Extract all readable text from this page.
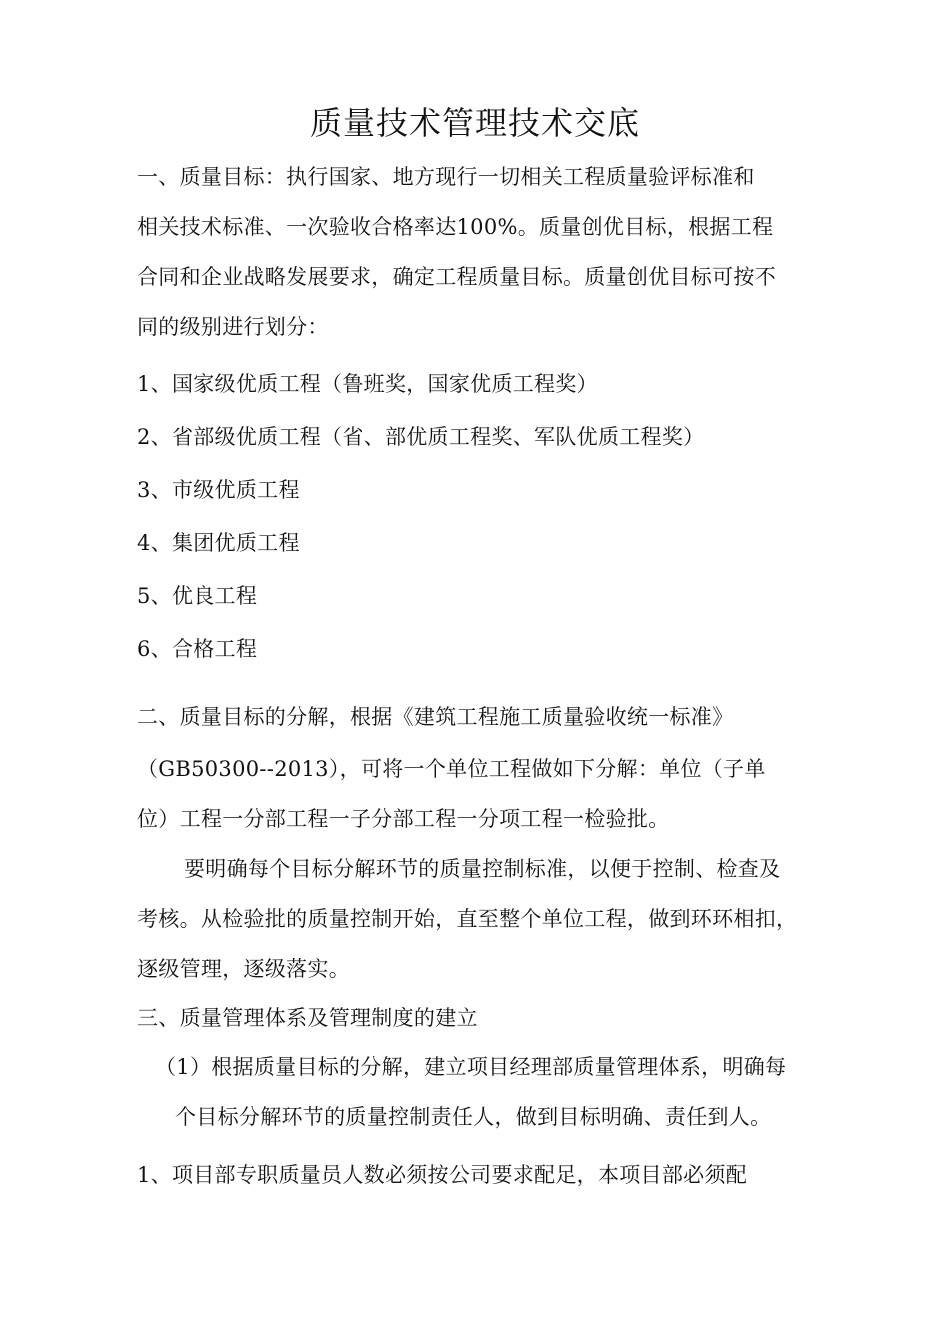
质量技术管理技术交底
一、质量目标：执行国家、地方现行一切相关工程质量验评标准和
相关技术标准、一次验收合格率达100%。质量创优目标，根据工程
合同和企业战略发展要求，确定工程质量目标。质量创优目标可按不
同的级别进行划分：
1、国家级优质工程（鲁班奖，国家优质工程奖）
2、省部级优质工程（省、部优质工程奖、军队优质工程奖）
3、市级优质工程
4、集团优质工程
5、优良工程
6、合格工程
二、质量目标的分解，根据《建筑工程施工质量验收统一标准》
（GB50300--2013），可将一个单位工程做如下分解：单位（子单
位）工程一分部工程一子分部工程一分项工程一检验批。
要明确每个目标分解环节的质量控制标准，以便于控制、检查及
考核。从检验批的质量控制开始，直至整个单位工程，做到环环相扣，
逐级管理，逐级落实。
三、质量管理体系及管理制度的建立
（1）根据质量目标的分解，建立项目经理部质量管理体系，明确每
个目标分解环节的质量控制责任人，做到目标明确、责任到人。
1、项目部专职质量员人数必须按公司要求配足，本项目部必须配
